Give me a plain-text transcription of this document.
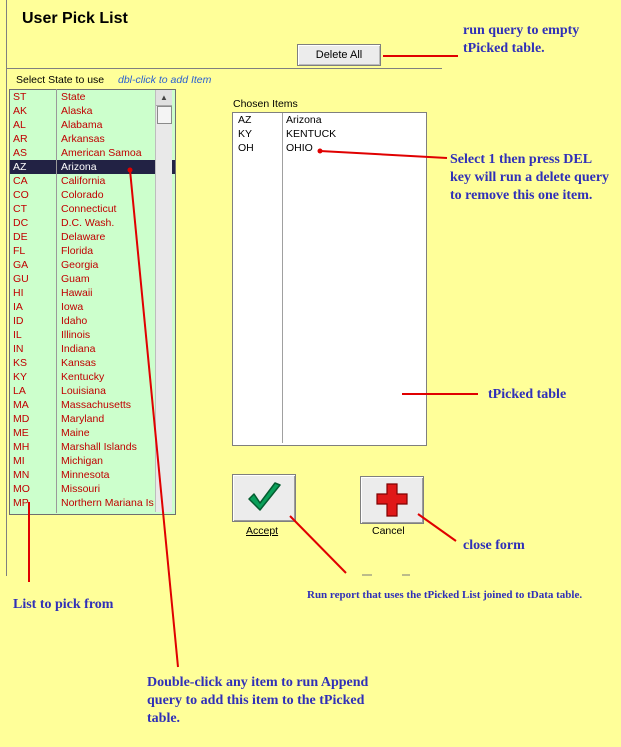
User Pick List
Delete All
Select State to use dbl-click to add Item
ST	State
AK	Alaska
AL	Alabama
AR	Arkansas
AS	American Samoa
AZ	Arizona
CA	California
CO	Colorado
CT	Connecticut
DC	D.C. Wash.
DE	Delaware
FL	Florida
GA	Georgia
GU	Guam
HI	Hawaii
IA	Iowa
ID	Idaho
IL	Illinois
IN	Indiana
KS	Kansas
KY	Kentucky
LA	Louisiana
MA	Massachusetts
MD	Maryland
ME	Maine
MH	Marshall Islands
MI	Michigan
MN	Minnesota
MO	Missouri
MP	Northern Mariana Is
▲
Chosen Items
AZ	Arizona
KY	KENTUCK
OH	OHIO
Accept	Cancel
run query to empty tPicked table.
Select 1 then press DEL key will run a delete query to remove this one item.
tPicked table
close form
Run report that uses the tPicked List joined to tData table.
List to pick from
Double-click any item to run Append query to add this item to the tPicked table.
